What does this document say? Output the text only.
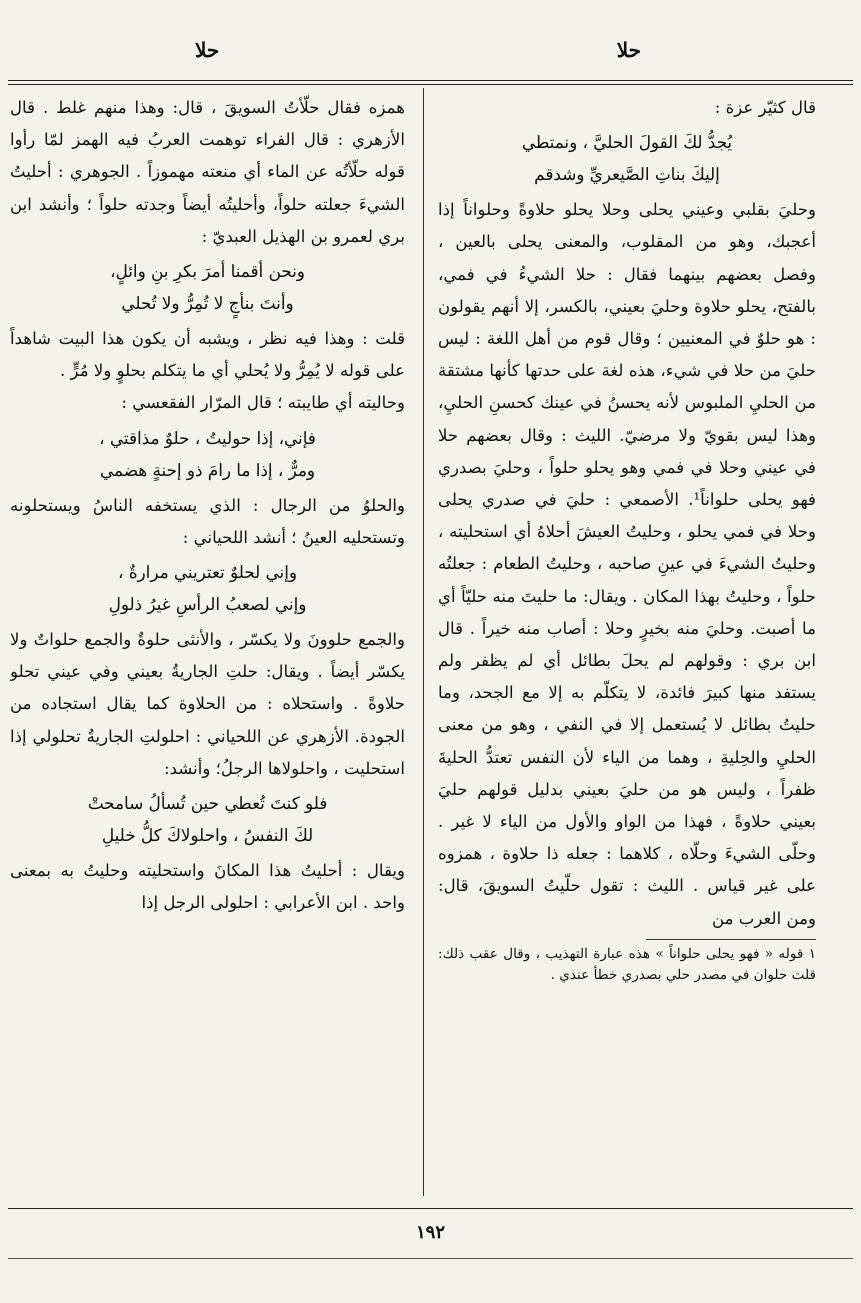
حلا
حلا

قال كثيّر عزة :

يُجدُّ لكَ القولَ الحليَّ ، ونمتطي
إليكَ بناتِ الصَّيعريِّ وشدقم

وحليَ بقلبي وعيني يحلى وحلا يحلو حلاوةً وحلواناً إذا أعجبك، وهو من المقلوب، والمعنى يحلى بالعين ، وفصل بعضهم بينهما فقال : حلا الشيءُ في فمي، بالفتح، يحلو حلاوة وحليَ بعيني، بالكسر، إلا أنهم يقولون : هو حلوٌ في المعنيين ؛ وقال قوم من أهل اللغة : ليس حليَ من حلا في شيء، هذه لغة على حدتها كأنها مشتقة من الحليِ الملبوس لأنه يحسنُ في عينك كحسنِ الحليِ، وهذا ليس بقويّ ولا مرضيّ. الليث : وقال بعضهم حلا في عيني وحلا في فمي وهو يحلو حلواً ، وحليَ بصدري فهو يحلى حلواناً¹. الأصمعي : حليَ في صدري يحلى وحلا في فمي يحلو ، وحليتُ العيشَ أحلاهُ أي استحليته ، وحليتُ الشيءَ في عينِ صاحبه ، وحليتُ الطعام : جعلتُه حلواً ، وحليتُ بهذا المكان . ويقال: ما حليتَ منه حليّاً أي ما أصبت. وحليَ منه بخيرٍ وحلا : أصاب منه خيراً . قال ابن بري : وقولهم لم يحلَ بطائل أي لم يظفر ولم يستفد منها كبيرَ فائدة، لا يتكلّم به إلا مع الجحد، وما حليتُ بطائل لا يُستعمل إلا في النفي ، وهو من معنى الحليِ والحِليةِ ، وهما من الياء لأن النفس تعتدُّ الحليةَ ظفراً ، وليس هو من حليَ بعيني بدليل قولهم حليَ بعيني حلاوةً ، فهذا من الواو والأول من الياء لا غير . وحلّى الشيءَ وحلّاه ، كلاهما : جعله ذا حلاوة ، همزوه على غير قياس . الليث : تقول حلّيتُ السويقَ، قال: ومن العرب من

١ قوله « فهو يحلى حلواناً » هذه عبارة التهذيب ، وقال عقب ذلك: قلت حلوان في مصدر حلي بصدري خطأ عندي .

همزه فقال حلّأتُ السويقَ ، قال: وهذا منهم غلط . قال الأزهري : قال الفراء توهمت العربُ فيه الهمز لمّا رأوا قوله حلّأتُه عن الماء أي منعته مهموزاً . الجوهري : أحليتُ الشيءَ جعلته حلواً، وأحليتُه أيضاً وجدته حلواً ؛ وأنشد ابن بري لعمرو بن الهذيل العبديّ :

ونحن أقمنا أمرَ بكرِ بنِ وائلٍ،
وأنتَ بنأجٍ لا تُمِرُّ ولا تُحلي

قلت : وهذا فيه نظر ، ويشبه أن يكون هذا البيت شاهداً على قوله لا يُمِرُّ ولا يُحلي أي ما يتكلم بحلوٍ ولا مُرٍّ .

وحاليته أي طايبته ؛ قال المرّار الفقعسي :

فإني، إذا حوليتُ ، حلوٌ مذاقتي ،
ومرٌّ ، إذا ما رامَ ذو إحنةٍ هضمي

والحلوُ من الرجال : الذي يستخفه الناسُ ويستحلونه وتستحليه العينُ ؛ أنشد اللحياني :

وإني لحلوٌ تعتريني مرارةٌ ،
وإني لصعبُ الرأسِ غيرُ ذلولِ

والجمع حلوونَ ولا يكسّر ، والأنثى حلوةٌ والجمع حلواتٌ ولا يكسّر أيضاً . ويقال: حلتِ الجاريةُ بعيني وفي عيني تحلو حلاوةً . واستحلاه : من الحلاوة كما يقال استجاده من الجودة. الأزهري عن اللحياني : احلولتِ الجاريةُ تحلولي إذا استحليت ، واحلولاها الرجلُ؛ وأنشد:

فلو كنتَ تُعطي حين تُسألُ سامحتْ
لكَ النفسُ ، واحلولاكَ كلُّ خليلِ

ويقال : أحليتُ هذا المكانَ واستحليته وحليتُ به بمعنى واحد . ابن الأعرابي : احلولى الرجل إذا

١٩٢
